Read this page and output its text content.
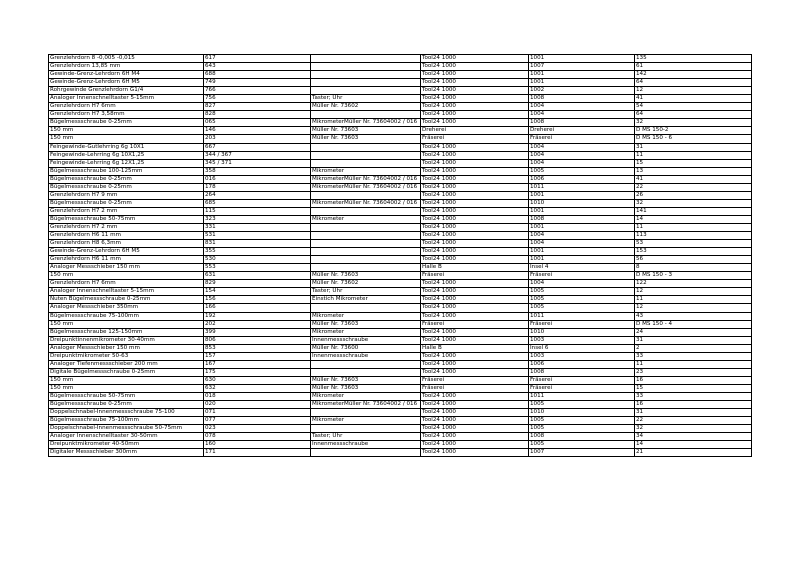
Grenzlehrdorn 8 -0,005 -0,015	617		Tool24 1000	1001	135
Grenzlehrdorn 13,85 mm	643		Tool24 1000	1007	61
Gewinde-Grenz-Lehrdorn 6H M4	688		Tool24 1000	1001	142
Gewinde-Grenz-Lehrdorn 6H M5	749		Tool24 1000	1001	64
Rohrgewinde Grenzlehrdorn G1/4	766		Tool24 1000	1002	12
Analoger Innenschnelltaster 5-15mm	756	Taster; Uhr	Tool24 1000	1008	41
Grenzlehrdorn H7 6mm	827	Müller Nr. 73602	Tool24 1000	1004	54
Grenzlehrdorn H7 3,58mm	828		Tool24 1000	1004	64
Bügelmessschraube 0-25mm	065	MikrometerMüller Nr. 73604002 / 016	Tool24 1000	1008	32
150 mm	146	Müller Nr. 73603	Dreherei	Dreherei	D MS 150-2
150 mm	203	Müller Nr. 73603	Fräserei	Fräserei	D MS 150 - 6
Feingewinde-Gutlehrring 6g 10X1	667		Tool24 1000	1004	31
Feingewinde-Lehrring 6g 10X1,25	344 / 367		Tool24 1000	1004	11
Feingewinde-Lehrring 6g 12X1,25	345 / 371		Tool24 1000	1004	15
Bügelmessschraube 100-125mm	358	Mikrometer	Tool24 1000	1005	13
Bügelmessschraube 0-25mm	016	MikrometerMüller Nr. 73604002 / 016	Tool24 1000	1006	41
Bügelmessschraube 0-25mm	178	MikrometerMüller Nr. 73604002 / 016	Tool24 1000	1011	22
Grenzlehrdorn H7 9 mm	264		Tool24 1000	1001	26
Bügelmessschraube 0-25mm	685	MikrometerMüller Nr. 73604002 / 016	Tool24 1000	1010	32
Grenzlehrdorn H7 2 mm	115		Tool24 1000	1001	141
Bügelmessschraube 50-75mm	323	Mikrometer	Tool24 1000	1008	14
Grenzlehrdorn H7 2 mm	331		Tool24 1000	1001	11
Grenzlehrdorn H6 11 mm	531		Tool24 1000	1004	113
Grenzlehrdorn H8 6,3mm	831		Tool24 1000	1004	53
Gewinde-Grenz-Lehrdorn 6H M5	355		Tool24 1000	1001	153
Grenzlehrdorn H6 11 mm	530		Tool24 1000	1001	56
Analoger Messschieber 150 mm	553		Halle B	Insel 4	8
150 mm	631	Müller Nr. 73603	Fräserei	Fräserei	D MS 150 - 3
Grenzlehrdorn H7 6mm	829	Müller Nr. 73602	Tool24 1000	1004	122
Analoger Innenschnelltaster 5-15mm	154	Taster; Uhr	Tool24 1000	1005	12
Nuten Bügelmessschraube 0-25mm	156	Einstich Mikrometer	Tool24 1000	1005	11
Analoger Messschieber 350mm	166		Tool24 1000	1005	12
Bügelmessschraube 75-100mm	192	Mikrometer	Tool24 1000	1011	43
150 mm	202	Müller Nr. 73603	Fräserei	Fräserei	D MS 150 - 4
Bügelmessschraube 125-150mm	399	Mikrometer	Tool24 1000	1010	24
Dreipunktinnenmikrometer 30-40mm	806	Innenmessschraube	Tool24 1000	1003	31
Analoger Messschieber 150 mm	853	Müller Nr. 73600	Halle B	Insel 6	2
Dreipunktmikrometer 50-63	157	Innenmessschraube	Tool24 1000	1003	33
Analoger Tiefenmessschieber 200 mm	167		Tool24 1000	1006	11
Digitale Bügelmessschraube 0-25mm	175		Tool24 1000	1008	23
150 mm	630	Müller Nr. 73603	Fräserei	Fräserei	16
150 mm	632	Müller Nr. 73603	Fräserei	Fräserei	15
Bügelmessschraube 50-75mm	018	Mikrometer	Tool24 1000	1011	33
Bügelmessschraube 0-25mm	020	MikrometerMüller Nr. 73604002 / 016	Tool24 1000	1005	16
Doppelschnabel-Innenmessschraube 75-100	071		Tool24 1000	1010	31
Bügelmessschraube 75-100mm	077	Mikrometer	Tool24 1000	1005	22
Doppelschnabel-Innenmessschraube 50-75mm	023		Tool24 1000	1005	32
Analoger Innenschnelltaster 30-50mm	078	Taster; Uhr	Tool24 1000	1008	34
Dreipunktmikrometer 40-50mm	160	Innenmessschraube	Tool24 1000	1005	14
Digitaler Messschieber 300mm	171		Tool24 1000	1007	21
